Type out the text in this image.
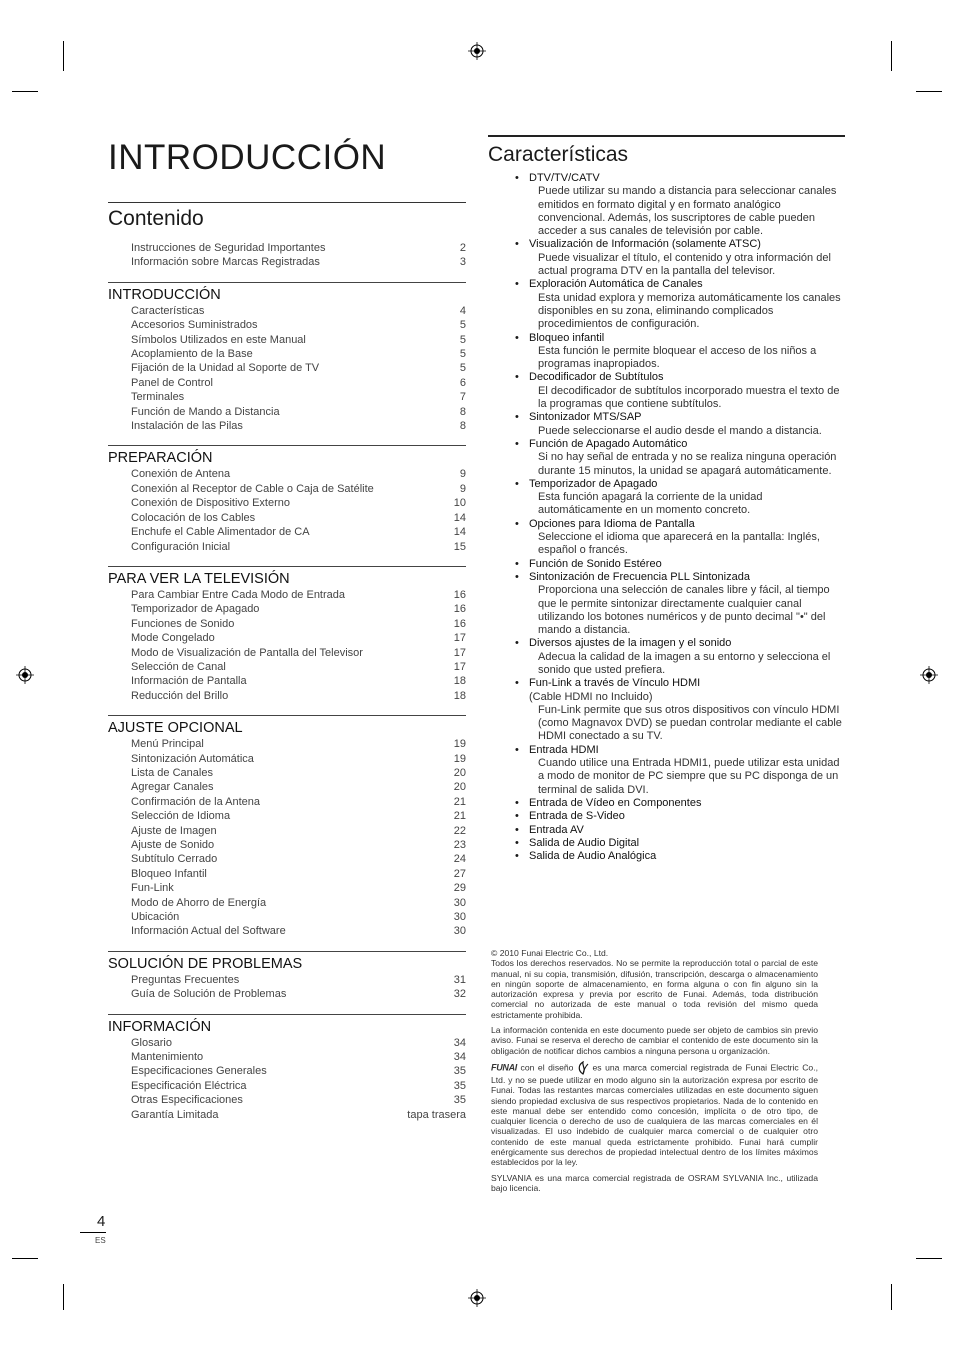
INTRODUCCIÓN
Contenido
Instrucciones de Seguridad Importantes	2
Información sobre Marcas Registradas	3
INTRODUCCIÓN
Características	4
Accesorios Suministrados	5
Símbolos Utilizados en este Manual	5
Acoplamiento de la Base	5
Fijación de la Unidad al Soporte de TV	5
Panel de Control	6
Terminales	7
Función de Mando a Distancia	8
Instalación de las Pilas	8
PREPARACIÓN
Conexión de Antena	9
Conexión al Receptor de Cable o Caja de Satélite	9
Conexión de Dispositivo Externo	10
Colocación de los Cables	14
Enchufe el Cable Alimentador de CA	14
Configuración Inicial	15
PARA VER LA TELEVISIÓN
Para Cambiar Entre Cada Modo de Entrada	16
Temporizador de Apagado	16
Funciones de Sonido	16
Mode Congelado	17
Modo de Visualización de Pantalla del Televisor	17
Selección de Canal	17
Información de Pantalla	18
Reducción del Brillo	18
AJUSTE OPCIONAL
Menú Principal	19
Sintonización Automática	19
Lista de Canales	20
Agregar Canales	20
Confirmación de la Antena	21
Selección de Idioma	21
Ajuste de Imagen	22
Ajuste de Sonido	23
Subtítulo Cerrado	24
Bloqueo Infantil	27
Fun-Link	29
Modo de Ahorro de Energía	30
Ubicación	30
Información Actual del Software	30
SOLUCIÓN DE PROBLEMAS
Preguntas Frecuentes	31
Guía de Solución de Problemas	32
INFORMACIÓN
Glosario	34
Mantenimiento	34
Especificaciones Generales	35
Especificación Eléctrica	35
Otras Especificaciones	35
Garantía Limitada	tapa trasera
Características
• DTV/TV/CATV
Puede utilizar su mando a distancia para seleccionar canales emitidos en formato digital y en formato analógico convencional. Además, los suscriptores de cable pueden acceder a sus canales de televisión por cable.
• Visualización de Información (solamente ATSC)
Puede visualizar el título, el contenido y otra información del actual programa DTV en la pantalla del televisor.
• Exploración Automática de Canales
Esta unidad explora y memoriza automáticamente los canales disponibles en su zona, eliminando complicados procedimientos de configuración.
• Bloqueo infantil
Esta función le permite bloquear el acceso de los niños a programas inapropiados.
• Decodificador de Subtítulos
El decodificador de subtítulos incorporado muestra el texto de la programas que contiene subtítulos.
• Sintonizador MTS/SAP
Puede seleccionarse el audio desde el mando a distancia.
• Función de Apagado Automático
Si no hay señal de entrada y no se realiza ninguna operación durante 15 minutos, la unidad se apagará automáticamente.
• Temporizador de Apagado
Esta función apagará la corriente de la unidad automáticamente en un momento concreto.
• Opciones para Idioma de Pantalla
Seleccione el idioma que aparecerá en la pantalla: Inglés, español o francés.
• Función de Sonido Estéreo
• Sintonización de Frecuencia PLL Sintonizada
Proporciona una selección de canales libre y fácil, al tiempo que le permite sintonizar directamente cualquier canal utilizando los botones numéricos y de punto decimal "•" del mando a distancia.
• Diversos ajustes de la imagen y el sonido
Adecua la calidad de la imagen a su entorno y selecciona el sonido que usted prefiera.
• Fun-Link a través de Vínculo HDMI
(Cable HDMI no Incluido)
Fun-Link permite que sus otros dispositivos con vínculo HDMI (como Magnavox DVD) se puedan controlar mediante el cable HDMI conectado a su TV.
• Entrada HDMI
Cuando utilice una Entrada HDMI1, puede utilizar esta unidad a modo de monitor de PC siempre que su PC disponga de un terminal de salida DVI.
• Entrada de Vídeo en Componentes
• Entrada de S-Video
• Entrada AV
• Salida de Audio Digital
• Salida de Audio Analógica

© 2010 Funai Electric Co., Ltd.
Todos los derechos reservados. No se permite la reproducción total o parcial de este manual, ni su copia, transmisión, difusión, transcripción, descarga o almacenamiento en ningún soporte de almacenamiento, en forma alguna o con fin alguno sin la autorización expresa y previa por escrito de Funai. Además, toda distribución comercial no autorizada de este manual o toda revisión del mismo queda estrictamente prohibida.

La información contenida en este documento puede ser objeto de cambios sin previo aviso. Funai se reserva el derecho de cambiar el contenido de este documento sin la obligación de notificar dichos cambios a ninguna persona u organización.

FUNAI con el diseño es una marca comercial registrada de Funai Electric Co., Ltd. y no se puede utilizar en modo alguno sin la autorización expresa por escrito de Funai. Todas las restantes marcas comerciales utilizadas en este documento siguen siendo propiedad exclusiva de sus respectivos propietarios. Nada de lo contenido en este manual debe ser entendido como concesión, implícita o de otro tipo, de cualquier licencia o derecho de uso de cualquiera de las marcas comerciales en él visualizadas. El uso indebido de cualquier marca comercial o de cualquier otro contenido de este manual queda estrictamente prohibido. Funai hará cumplir enérgicamente sus derechos de propiedad intelectual dentro de los límites máximos establecidos por la ley.

SYLVANIA es una marca comercial registrada de OSRAM SYLVANIA Inc., utilizada bajo licencia.

4
ES
